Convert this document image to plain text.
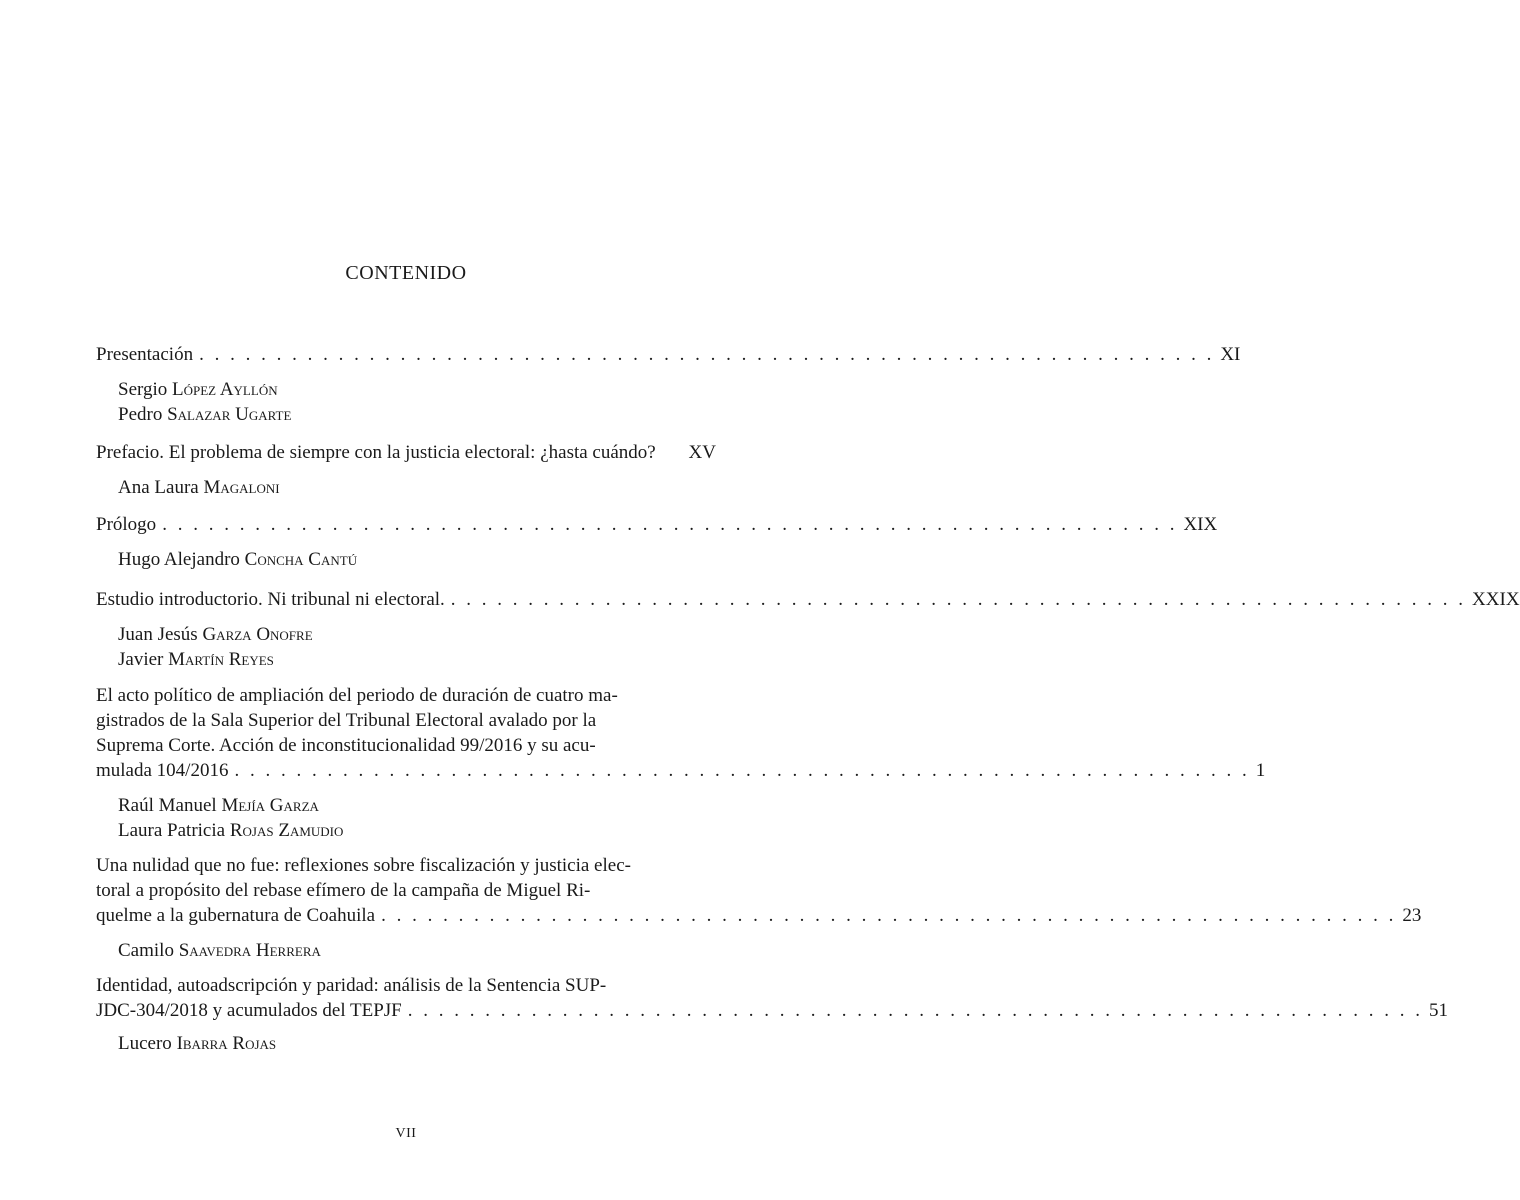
CONTENIDO
Presentación . . . . . . . . . . . . . . . . . . . . . . . . . . . . . . . . . . . . . . . . . . . . . . . . . . . . . . . . . . . . . . . . . . XI
Sergio López Ayllón
Pedro Salazar Ugarte
Prefacio. El problema de siempre con la justicia electoral: ¿hasta cuándo?	XV
Ana Laura Magaloni
Prólogo . . . . . . . . . . . . . . . . . . . . . . . . . . . . . . . . . . . . . . . . . . . . . . . . . . . . . . . . . . . . . . . . . . XIX
Hugo Alejandro Concha Cantú
Estudio introductorio. Ni tribunal ni electoral. . . . . . . . . . . . . . . . . . . . . . . . . . . . . . . . . . . . . . . . . . . . . . . . . . . . . . . . . . . . . . . . . . . XXIX
Juan Jesús Garza Onofre
Javier Martín Reyes
El acto político de ampliación del periodo de duración de cuatro ma-
gistrados de la Sala Superior del Tribunal Electoral avalado por la
Suprema Corte. Acción de inconstitucionalidad 99/2016 y su acu-
mulada 104/2016 . . . . . . . . . . . . . . . . . . . . . . . . . . . . . . . . . . . . . . . . . . . . . . . . . . . . . . . . . . . . . . . . . . 1
Raúl Manuel Mejía Garza
Laura Patricia Rojas Zamudio
Una nulidad que no fue: reflexiones sobre fiscalización y justicia elec-
toral a propósito del rebase efímero de la campaña de Miguel Ri-
quelme a la gubernatura de Coahuila . . . . . . . . . . . . . . . . . . . . . . . . . . . . . . . . . . . . . . . . . . . . . . . . . . . . . . . . . . . . . . . . . . 23
Camilo Saavedra Herrera
Identidad, autoadscripción y paridad: análisis de la Sentencia SUP-
JDC-304/2018 y acumulados del TEPJF . . . . . . . . . . . . . . . . . . . . . . . . . . . . . . . . . . . . . . . . . . . . . . . . . . . . . . . . . . . . . . . . . . 51
Lucero Ibarra Rojas
VII
